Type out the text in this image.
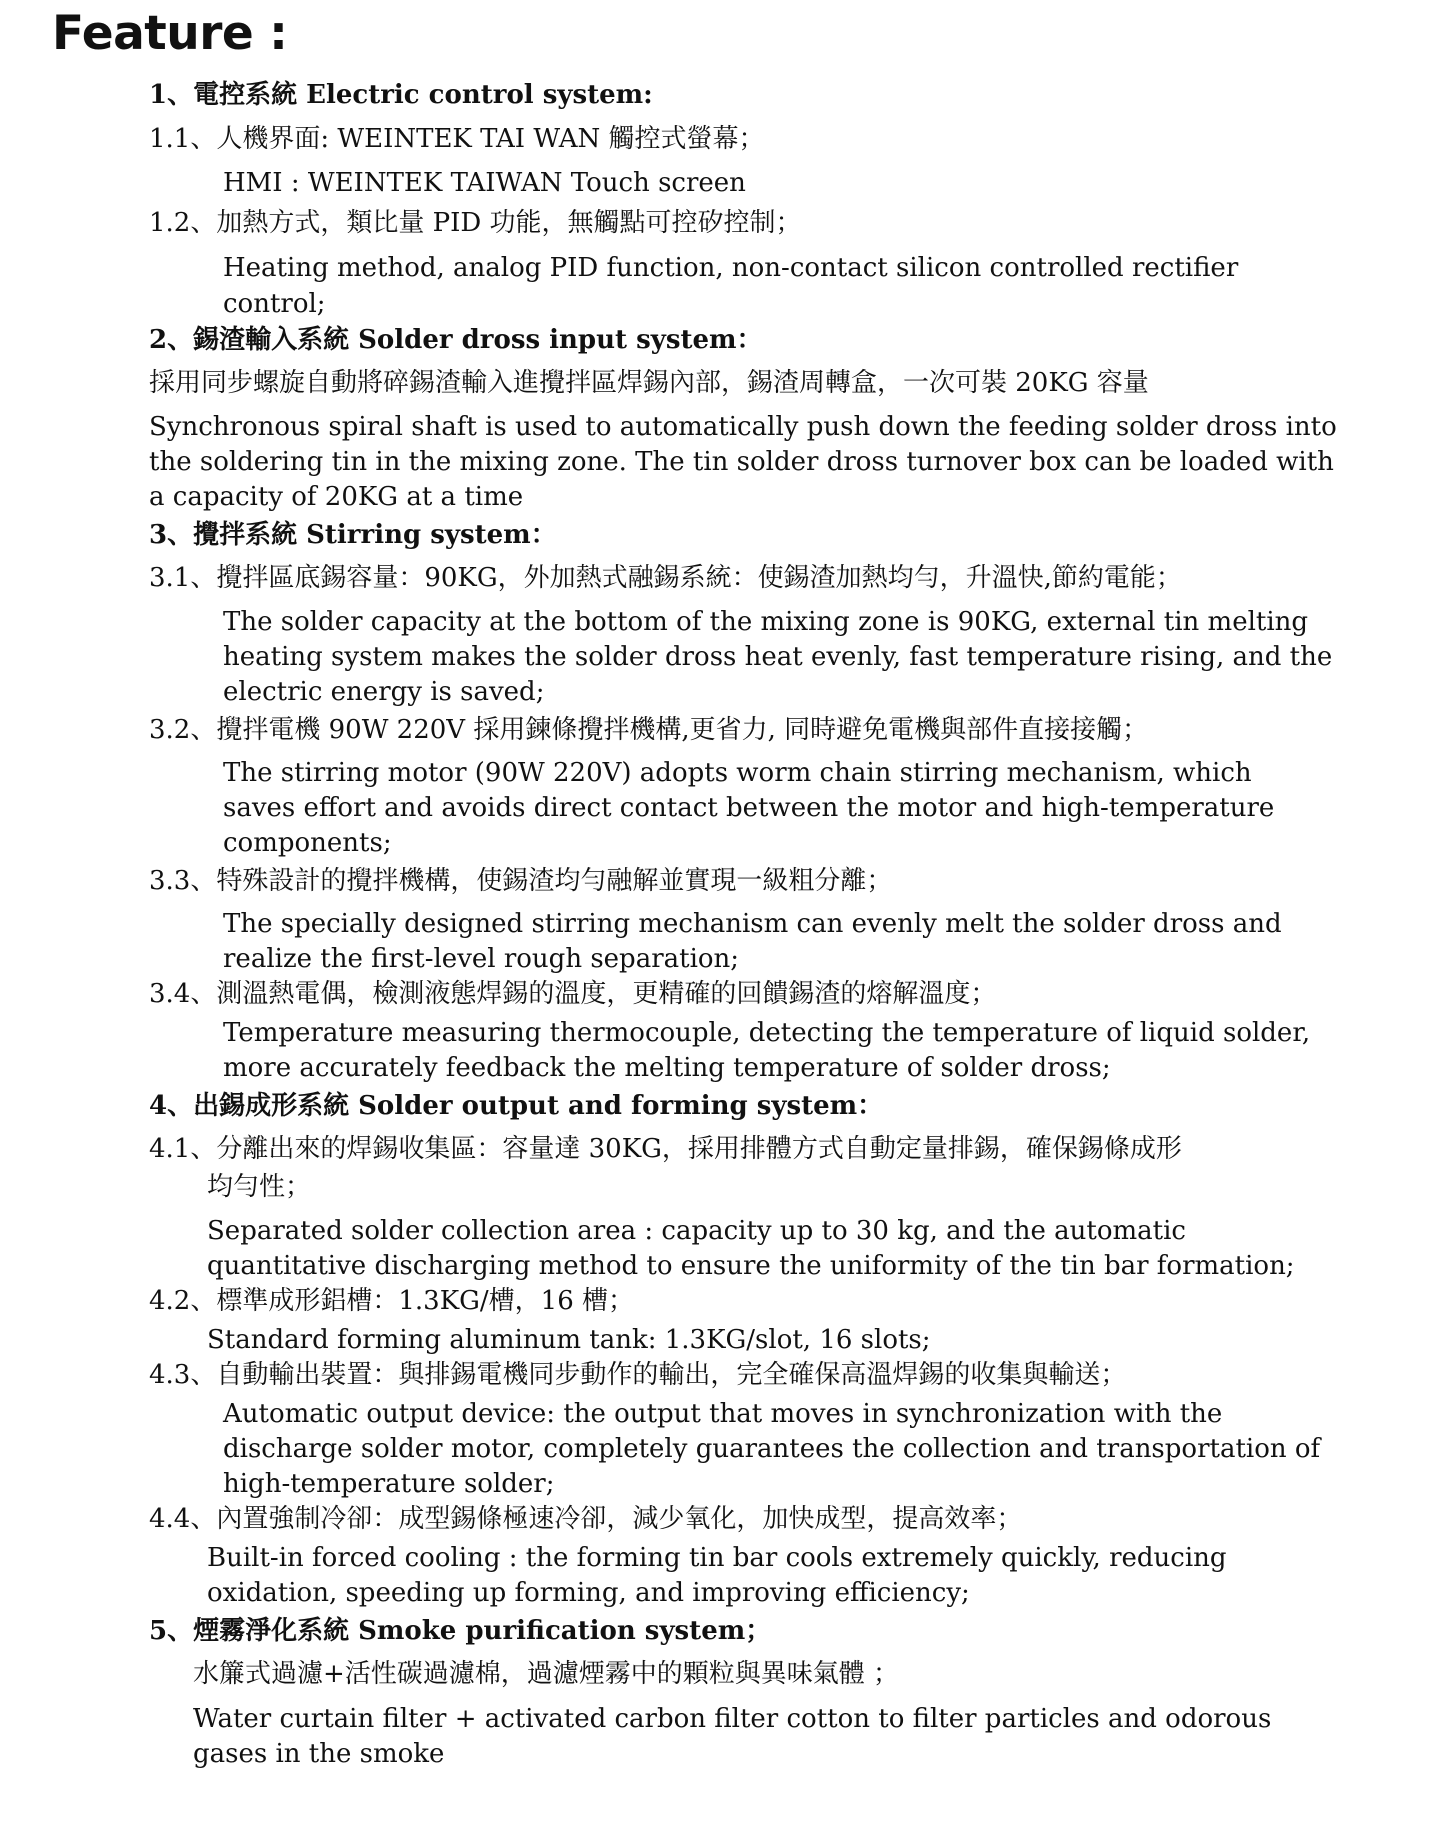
Feature :

1、電控系統 Electric control system:

1.1、人機界面: WEINTEK TAI WAN 觸控式螢幕；

HMI : WEINTEK TAIWAN Touch screen

1.2、加熱方式，類比量 PID 功能，無觸點可控矽控制；

Heating method, analog PID function, non-contact silicon controlled rectifier

control;

2、錫渣輸入系統 Solder dross input system：

採用同步螺旋自動將碎錫渣輸入進攪拌區焊錫內部，錫渣周轉盒，一次可裝 20KG 容量

Synchronous spiral shaft is used to automatically push down the feeding solder dross into

the soldering tin in the mixing zone. The tin solder dross turnover box can be loaded with

a capacity of 20KG at a time

3、攪拌系統 Stirring system：

3.1、攪拌區底錫容量：90KG，外加熱式融錫系統：使錫渣加熱均勻，升溫快,節約電能；

The solder capacity at the bottom of the mixing zone is 90KG, external tin melting

heating system makes the solder dross heat evenly, fast temperature rising, and the

electric energy is saved;

3.2、攪拌電機 90W 220V 採用鍊條攪拌機構,更省力, 同時避免電機與部件直接接觸；

The stirring motor (90W 220V) adopts worm chain stirring mechanism, which

saves effort and avoids direct contact between the motor and high-temperature

components;

3.3、特殊設計的攪拌機構，使錫渣均勻融解並實現一級粗分離；

The specially designed stirring mechanism can evenly melt the solder dross and

realize the first-level rough separation;

3.4、測溫熱電偶，檢測液態焊錫的溫度，更精確的回饋錫渣的熔解溫度；

Temperature measuring thermocouple, detecting the temperature of liquid solder,

more accurately feedback the melting temperature of solder dross;

4、出錫成形系統 Solder output and forming system：

4.1、分離出來的焊錫收集區：容量達 30KG，採用排體方式自動定量排錫，確保錫條成形

均勻性；

Separated solder collection area : capacity up to 30 kg, and the automatic

quantitative discharging method to ensure the uniformity of the tin bar formation;

4.2、標準成形鋁槽：1.3KG/槽，16 槽；

Standard forming aluminum tank: 1.3KG/slot, 16 slots;

4.3、自動輸出裝置：與排錫電機同步動作的輸出，完全確保高溫焊錫的收集與輸送；

Automatic output device: the output that moves in synchronization with the

discharge solder motor, completely guarantees the collection and transportation of

high-temperature solder;

4.4、內置強制冷卻：成型錫條極速冷卻，減少氧化，加快成型，提高效率；

Built-in forced cooling : the forming tin bar cools extremely quickly, reducing

oxidation, speeding up forming, and improving efficiency;

5、煙霧淨化系統 Smoke purification system；

水簾式過濾+活性碳過濾棉，過濾煙霧中的顆粒與異味氣體 ；

Water curtain filter + activated carbon filter cotton to filter particles and odorous

gases in the smoke
